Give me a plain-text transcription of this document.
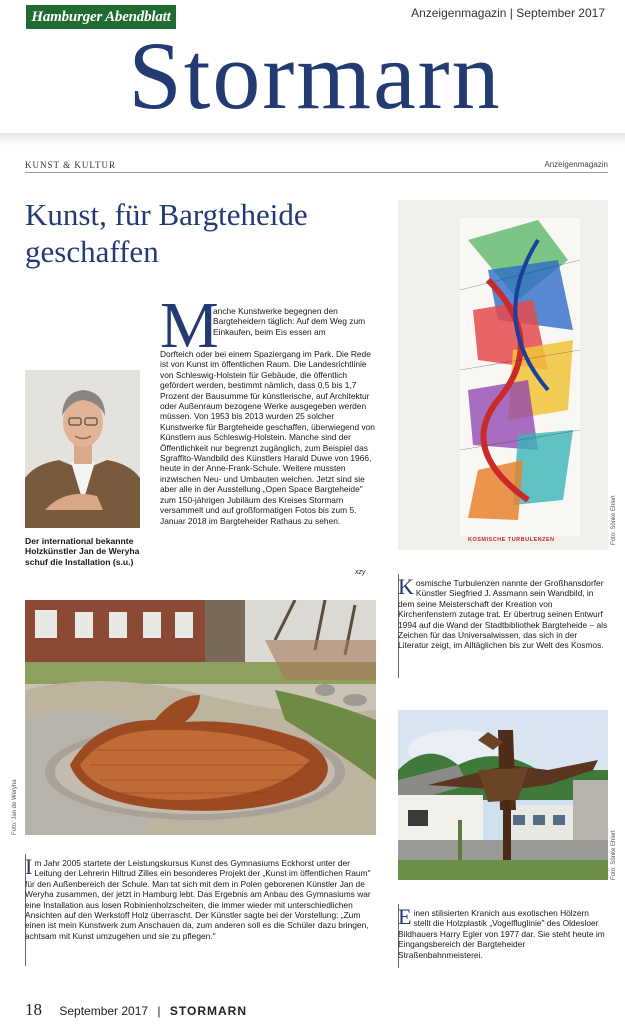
Hamburger Abendblatt	Anzeigenmagazin | September 2017
Stormarn
KUNST & KULTUR	Anzeigenmagazin
Kunst, für Bargteheide
geschaffen
M
anche Kunstwerke begegnen den Bargteheidern täglich: Auf dem Weg zum Einkaufen, beim Eis essen am
Dorfteich oder bei einem Spaziergang im Park. Die Rede ist von Kunst im öffentlichen Raum. Die Landesrichtlinie von Schleswig-Holstein für Gebäude, die öffentlich gefördert werden, bestimmt nämlich, dass 0,5 bis 1,7 Prozent der Bausumme für künstlerische, auf Architektur oder Außenraum bezogene Werke ausgegeben werden müssen. Von 1953 bis 2013 wurden 25 solcher Kunstwerke für Bargteheide geschaffen, überwiegend von Künstlern aus Schleswig-Holstein. Manche sind der Öffentlichkeit nur begrenzt zugänglich, zum Beispiel das Sgraffito-Wandbild des Künstlers Harald Duwe von 1966, heute in der Anne-Frank-Schule. Weitere mussten inzwischen Neu- und Umbauten weichen. Jetzt sind sie aber alle in der Ausstellung „Open Space Bargteheide" zum 150-jährigen Jubiläum des Kreises Stormarn versammelt und auf großformatigen Fotos bis zum 5. Januar 2018 im Bargteheider Rathaus zu sehen.
xzy
Der international bekannte Holzkünstler Jan de Weryha schuf die Installation (s.u.)
KOSMISCHE TURBULENZEN	Foto: Sönke Ehlert
K osmische Turbulenzen nannte der Großhansdorfer Künstler Siegfried J. Assmann sein Wandbild, in dem seine Meisterschaft der Kreation von Kirchenfenstern zutage trat. Er übertrug seinen Entwurf 1994 auf die Wand der Stadtbibliothek Bargteheide – als Zeichen für das Universalwissen, das sich in der Literatur zeigt, im Alltäglichen bis zur Welt des Kosmos.
Foto: Jan de Weryha
I m Jahr 2005 startete der Leistungskursus Kunst des Gymnasiums Eckhorst unter der Leitung der Lehrerin Hiltrud Zilles ein besonderes Projekt der „Kunst im öffentlichen Raum" für den Außenbereich der Schule. Man tat sich mit dem in Polen geborenen Künstler Jan de Weryha zusammen, der jetzt in Hamburg lebt. Das Ergebnis am Anbau des Gymnasiums war eine Installation aus losen Robinienholzscheiten, die immer wieder mit unterschiedlichen Ansichten auf den Werkstoff Holz überrascht. Der Künstler sagte bei der Vorstellung: „Zum einen ist mein Kunstwerk zum Anschauen da, zum anderen soll es die Schüler dazu bringen, achtsam mit Kunst umzugehen und sie zu pflegen."
Foto: Sönke Ehlert
E inen stilisierten Kranich aus exotischen Hölzern stellt die Holzplastik „Vogelfluglinie" des Oldesloer Bildhauers Harry Egler von 1977 dar. Sie steht heute im Eingangsbereich der Bargteheider Straßenbahnmeisterei.
18 September 2017 | STORMARN
